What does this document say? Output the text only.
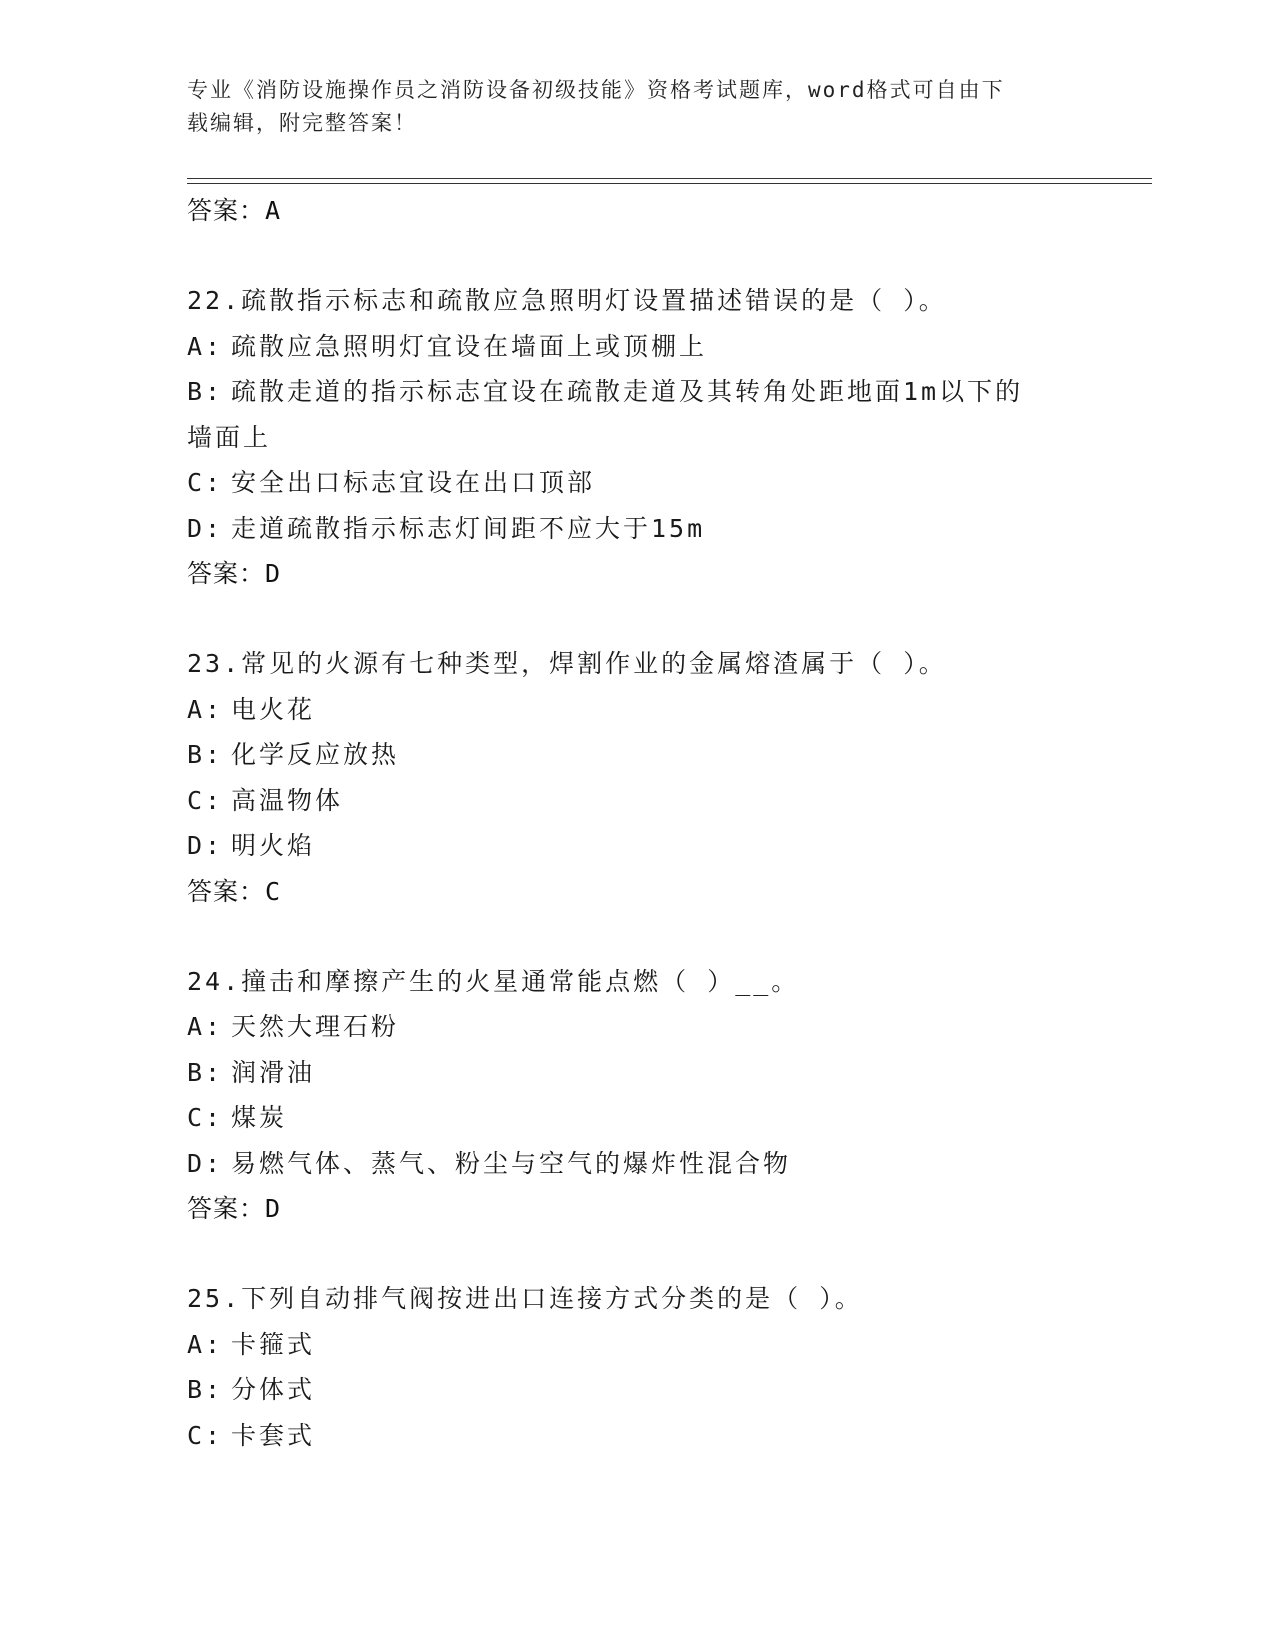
专业《消防设施操作员之消防设备初级技能》资格考试题库，word格式可自由下
载编辑，附完整答案！
答案：A

22.疏散指示标志和疏散应急照明灯设置描述错误的是（ ）。

A: 疏散应急照明灯宜设在墙面上或顶棚上

B: 疏散走道的指示标志宜设在疏散走道及其转角处距地面1m以下的

墙面上

C: 安全出口标志宜设在出口顶部

D: 走道疏散指示标志灯间距不应大于15m

答案：D

23.常见的火源有七种类型，焊割作业的金属熔渣属于（ ）。

A: 电火花

B: 化学反应放热

C: 高温物体

D: 明火焰

答案：C

24.撞击和摩擦产生的火星通常能点燃（ ）__。

A: 天然大理石粉

B: 润滑油

C: 煤炭

D: 易燃气体、蒸气、粉尘与空气的爆炸性混合物

答案：D

25.下列自动排气阀按进出口连接方式分类的是（ ）。

A: 卡箍式

B: 分体式

C: 卡套式
